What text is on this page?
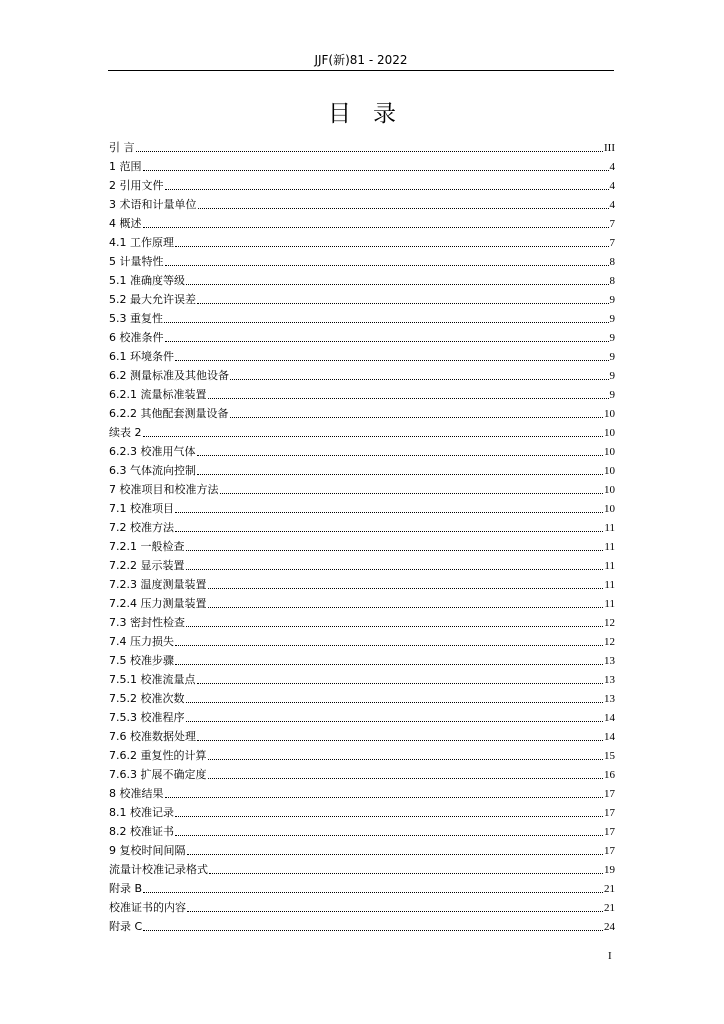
JJF(新)81 - 2022
目录
引 言	III
1 范围	4
2 引用文件	4
3 术语和计量单位	4
4 概述	7
4.1 工作原理	7
5 计量特性	8
5.1 准确度等级	8
5.2 最大允许误差	9
5.3 重复性	9
6 校准条件	9
6.1 环境条件	9
6.2 测量标准及其他设备	9
6.2.1 流量标准装置	9
6.2.2 其他配套测量设备	10
续表 2	10
6.2.3 校准用气体	10
6.3 气体流向控制	10
7 校准项目和校准方法	10
7.1 校准项目	10
7.2 校准方法	11
7.2.1 一般检查	11
7.2.2 显示装置	11
7.2.3 温度测量装置	11
7.2.4 压力测量装置	11
7.3 密封性检查	12
7.4 压力损失	12
7.5 校准步骤	13
7.5.1 校准流量点	13
7.5.2 校准次数	13
7.5.3 校准程序	14
7.6 校准数据处理	14
7.6.2 重复性的计算	15
7.6.3 扩展不确定度	16
8 校准结果	17
8.1 校准记录	17
8.2 校准证书	17
9 复校时间间隔	17
流量计校准记录格式	19
附录 B	21
校准证书的内容	21
附录 C	24
I
